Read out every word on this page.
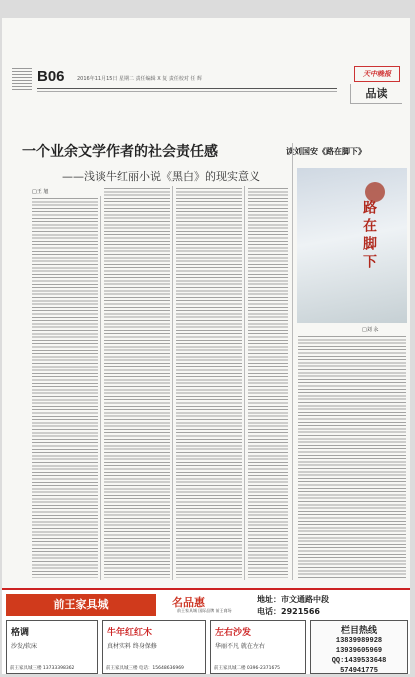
B06 2016年11月15日 星期二 责任编辑 X 复 责任校对 任 辉
天中晚报
品读
一个业余文学作者的社会责任感
——浅谈牛红丽小说《黑白》的现实意义
读刘国安《路在脚下》
路在脚下
□刘 永
□王 旭
前王家具城	名品惠
前王家具城 国际品牌 前王商场
地址：市文通路中段
电话：2921566
格调
沙发/软床
前王家具城三楼 13733398362
牛年红红木
真材实料 终身保修
前王家具城三楼 电话：15648636969
左右沙发
华丽不凡 就在左右
前王家具城二楼 0396-2371675
栏目热线
13839989928
13939605969
QQ:1439533648
574941775
